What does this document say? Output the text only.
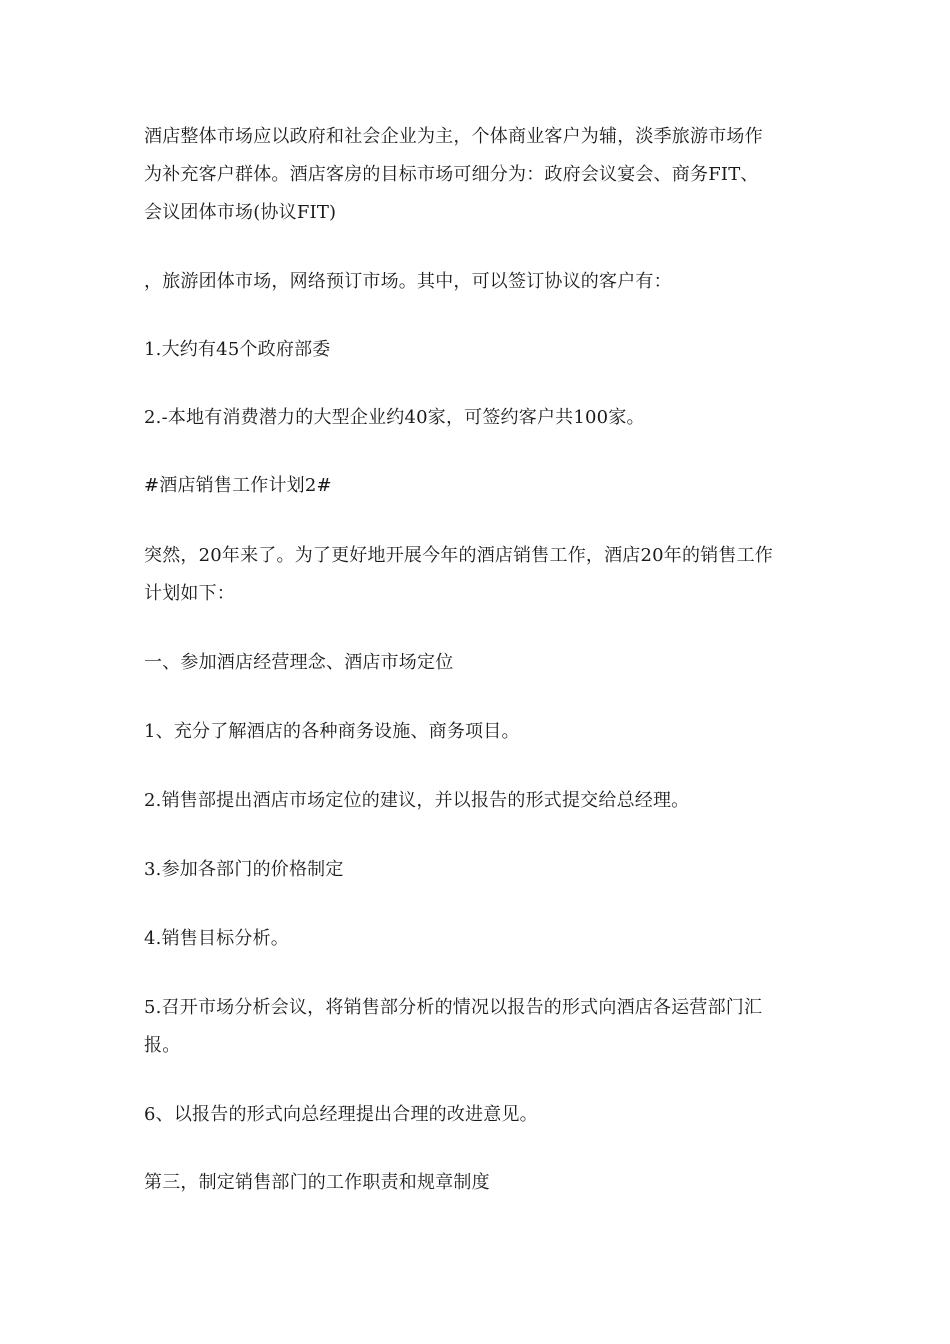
酒店整体市场应以政府和社会企业为主，个体商业客户为辅，淡季旅游市场作
为补充客户群体。酒店客房的目标市场可细分为：政府会议宴会、商务FIT、
会议团体市场(协议FIT)

，旅游团体市场，网络预订市场。其中，可以签订协议的客户有：

1.大约有45个政府部委

2.-本地有消费潜力的大型企业约40家，可签约客户共100家。

#酒店销售工作计划2#

突然，20年来了。为了更好地开展今年的酒店销售工作，酒店20年的销售工作
计划如下：

一、参加酒店经营理念、酒店市场定位

1、充分了解酒店的各种商务设施、商务项目。

2.销售部提出酒店市场定位的建议，并以报告的形式提交给总经理。

3.参加各部门的价格制定

4.销售目标分析。

5.召开市场分析会议，将销售部分析的情况以报告的形式向酒店各运营部门汇
报。

6、以报告的形式向总经理提出合理的改进意见。

第三，制定销售部门的工作职责和规章制度
